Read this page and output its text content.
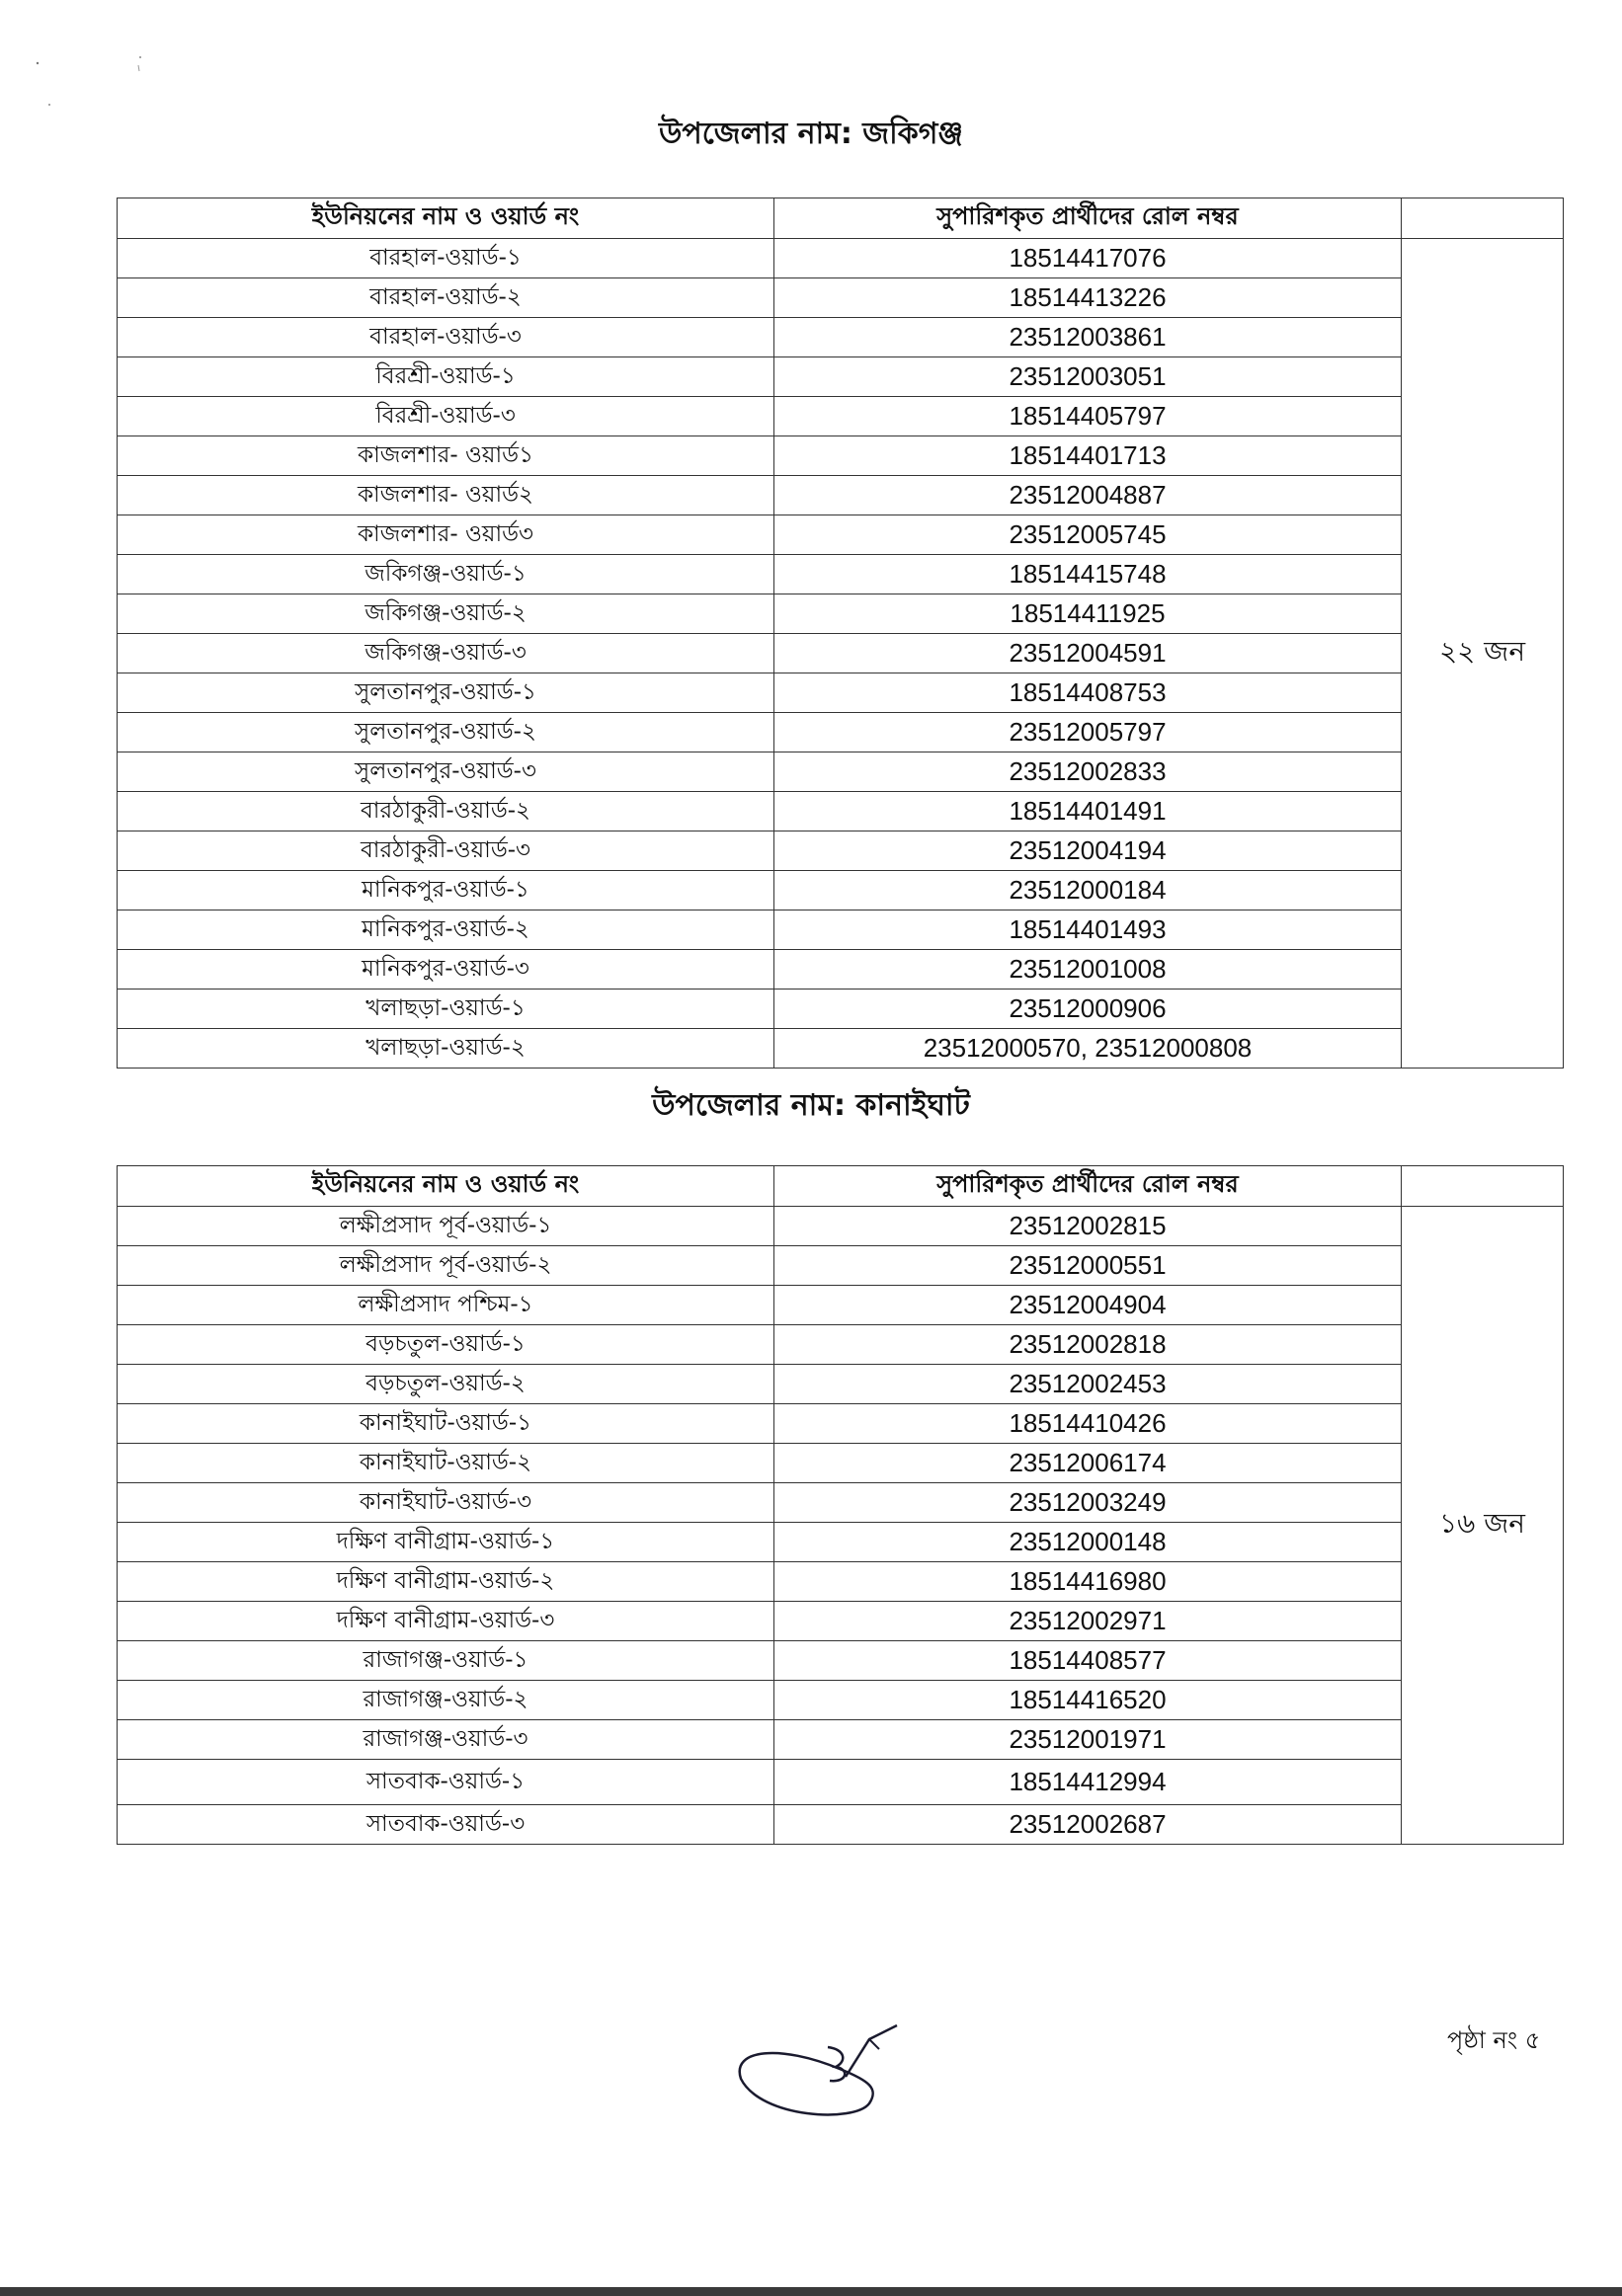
উপজেলার নাম: জকিগঞ্জ
ইউনিয়নের নাম ও ওয়ার্ড নং	সুপারিশকৃত প্রার্থীদের রোল নম্বর	
বারহাল-ওয়ার্ড-১	18514417076	২২ জন
বারহাল-ওয়ার্ড-২	18514413226	
বারহাল-ওয়ার্ড-৩	23512003861	
বিরশ্রী-ওয়ার্ড-১	23512003051	
বিরশ্রী-ওয়ার্ড-৩	18514405797	
কাজলশার- ওয়ার্ড১	18514401713	
কাজলশার- ওয়ার্ড২	23512004887	
কাজলশার- ওয়ার্ড৩	23512005745	
জকিগঞ্জ-ওয়ার্ড-১	18514415748	
জকিগঞ্জ-ওয়ার্ড-২	18514411925	
জকিগঞ্জ-ওয়ার্ড-৩	23512004591	
সুলতানপুর-ওয়ার্ড-১	18514408753	
সুলতানপুর-ওয়ার্ড-২	23512005797	
সুলতানপুর-ওয়ার্ড-৩	23512002833	
বারঠাকুরী-ওয়ার্ড-২	18514401491	
বারঠাকুরী-ওয়ার্ড-৩	23512004194	
মানিকপুর-ওয়ার্ড-১	23512000184	
মানিকপুর-ওয়ার্ড-২	18514401493	
মানিকপুর-ওয়ার্ড-৩	23512001008	
খলাছড়া-ওয়ার্ড-১	23512000906	
খলাছড়া-ওয়ার্ড-২	23512000570, 23512000808	
উপজেলার নাম: কানাইঘাট
ইউনিয়নের নাম ও ওয়ার্ড নং	সুপারিশকৃত প্রার্থীদের রোল নম্বর	
লক্ষীপ্রসাদ পূর্ব-ওয়ার্ড-১	23512002815	১৬ জন
লক্ষীপ্রসাদ পূর্ব-ওয়ার্ড-২	23512000551	
লক্ষীপ্রসাদ পশ্চিম-১	23512004904	
বড়চতুল-ওয়ার্ড-১	23512002818	
বড়চতুল-ওয়ার্ড-২	23512002453	
কানাইঘাট-ওয়ার্ড-১	18514410426	
কানাইঘাট-ওয়ার্ড-২	23512006174	
কানাইঘাট-ওয়ার্ড-৩	23512003249	
দক্ষিণ বানীগ্রাম-ওয়ার্ড-১	23512000148	
দক্ষিণ বানীগ্রাম-ওয়ার্ড-২	18514416980	
দক্ষিণ বানীগ্রাম-ওয়ার্ড-৩	23512002971	
রাজাগঞ্জ-ওয়ার্ড-১	18514408577	
রাজাগঞ্জ-ওয়ার্ড-২	18514416520	
রাজাগঞ্জ-ওয়ার্ড-৩	23512001971	
সাতবাক-ওয়ার্ড-১	18514412994	
সাতবাক-ওয়ার্ড-৩	23512002687	
পৃষ্ঠা নং ৫
